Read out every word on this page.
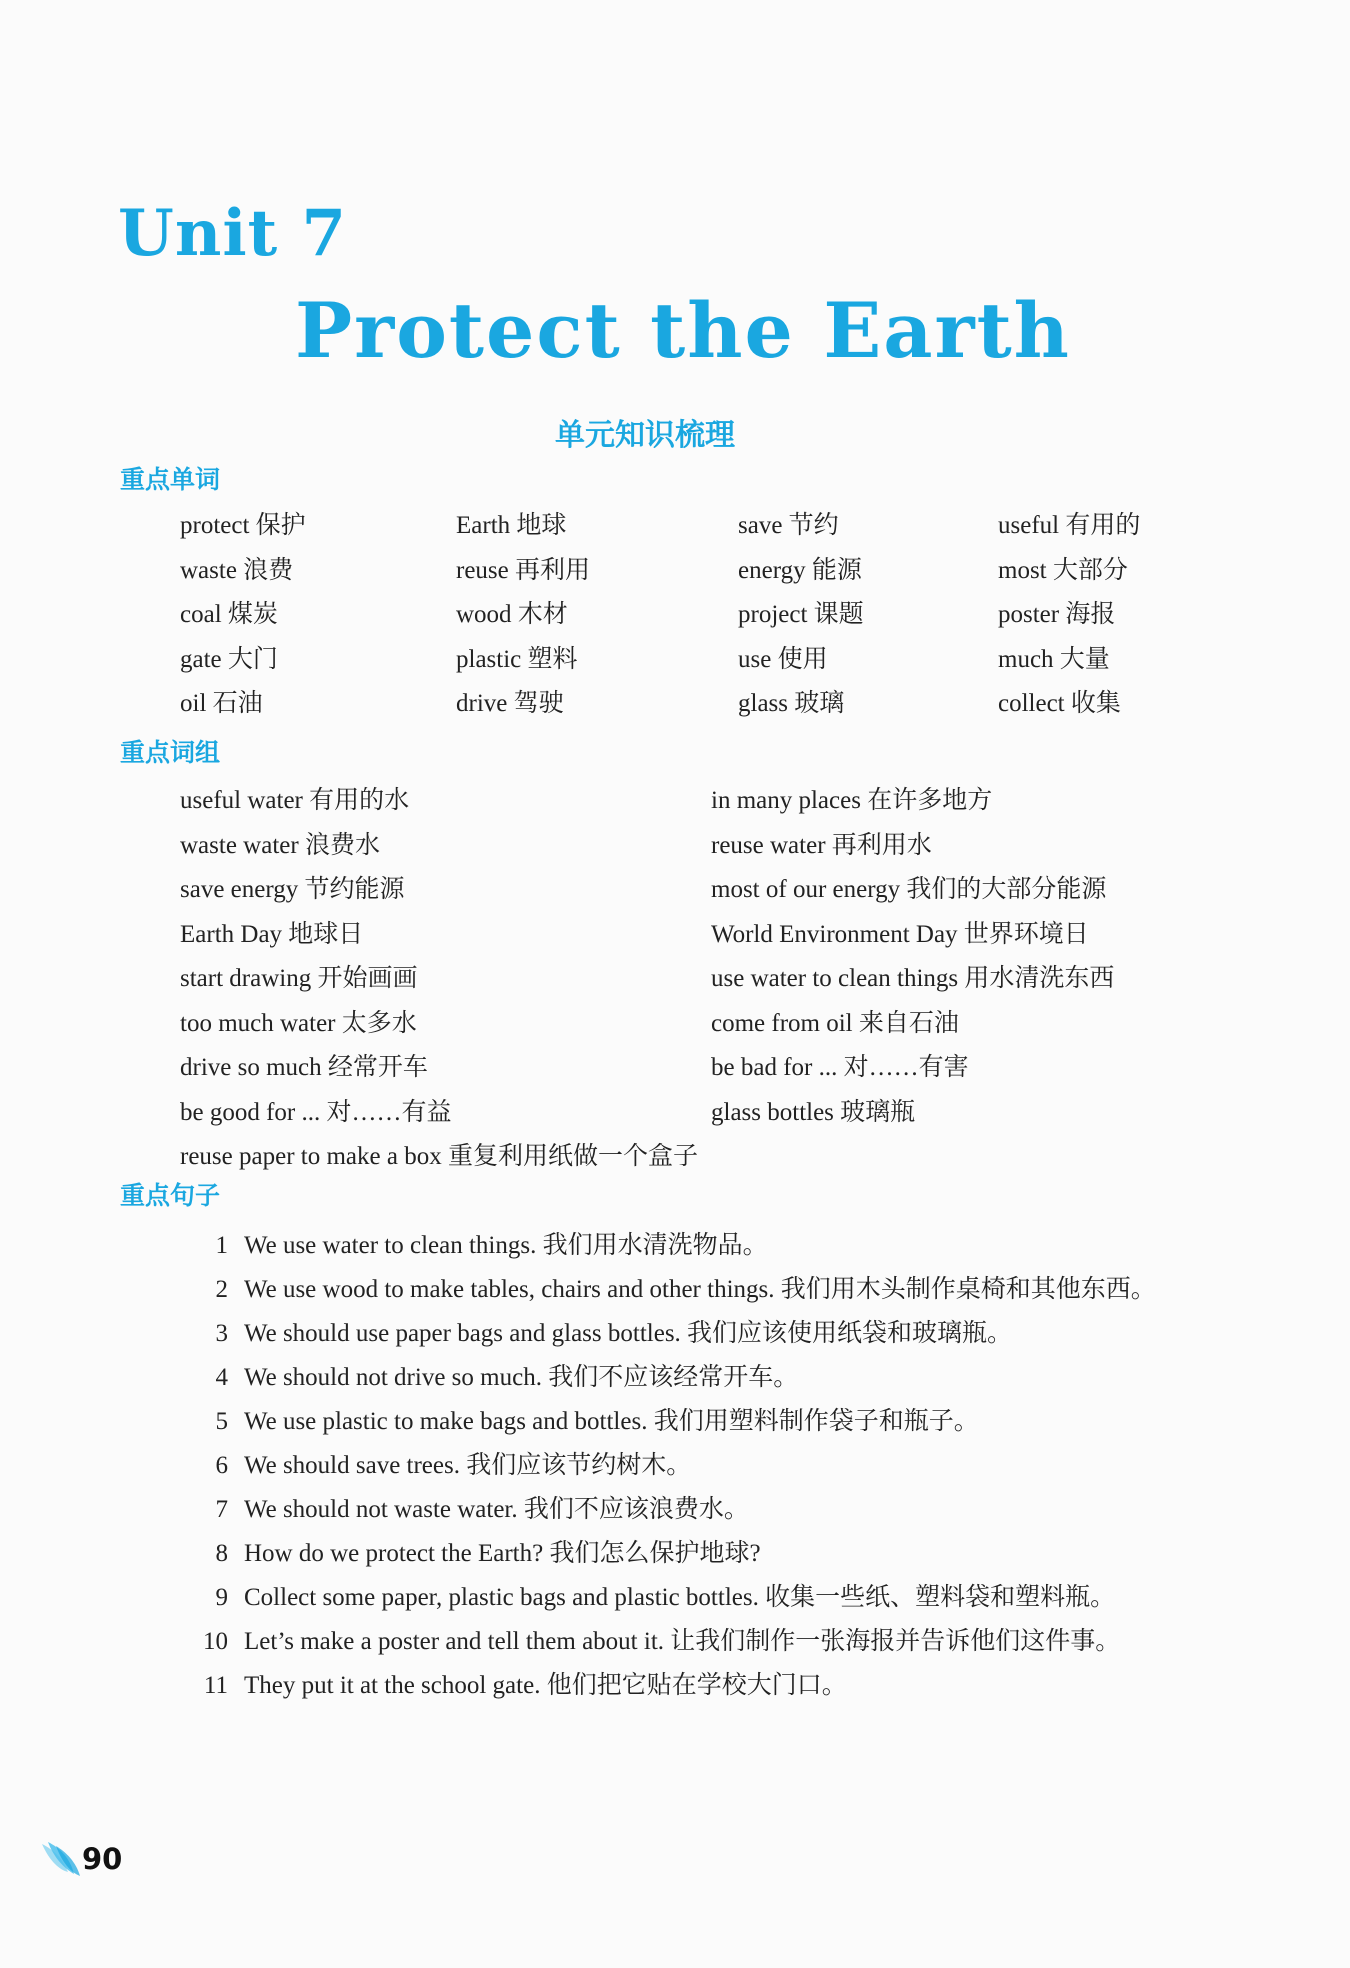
Unit 7
Protect the Earth
单元知识梳理
重点单词
protect 保护	Earth 地球	save 节约	useful 有用的
waste 浪费	reuse 再利用	energy 能源	most 大部分
coal 煤炭	wood 木材	project 课题	poster 海报
gate 大门	plastic 塑料	use 使用	much 大量
oil 石油	drive 驾驶	glass 玻璃	collect 收集
重点词组
useful water 有用的水	in many places 在许多地方
waste water 浪费水	reuse water 再利用水
save energy 节约能源	most of our energy 我们的大部分能源
Earth Day 地球日	World Environment Day 世界环境日
start drawing 开始画画	use water to clean things 用水清洗东西
too much water 太多水	come from oil 来自石油
drive so much 经常开车	be bad for ... 对……有害
be good for ... 对……有益	glass bottles 玻璃瓶
reuse paper to make a box 重复利用纸做一个盒子
重点句子
1 We use water to clean things. 我们用水清洗物品。
2 We use wood to make tables, chairs and other things. 我们用木头制作桌椅和其他东西。
3 We should use paper bags and glass bottles. 我们应该使用纸袋和玻璃瓶。
4 We should not drive so much. 我们不应该经常开车。
5 We use plastic to make bags and bottles. 我们用塑料制作袋子和瓶子。
6 We should save trees. 我们应该节约树木。
7 We should not waste water. 我们不应该浪费水。
8 How do we protect the Earth? 我们怎么保护地球?
9 Collect some paper, plastic bags and plastic bottles. 收集一些纸、塑料袋和塑料瓶。
10 Let’s make a poster and tell them about it. 让我们制作一张海报并告诉他们这件事。
11 They put it at the school gate. 他们把它贴在学校大门口。
90
